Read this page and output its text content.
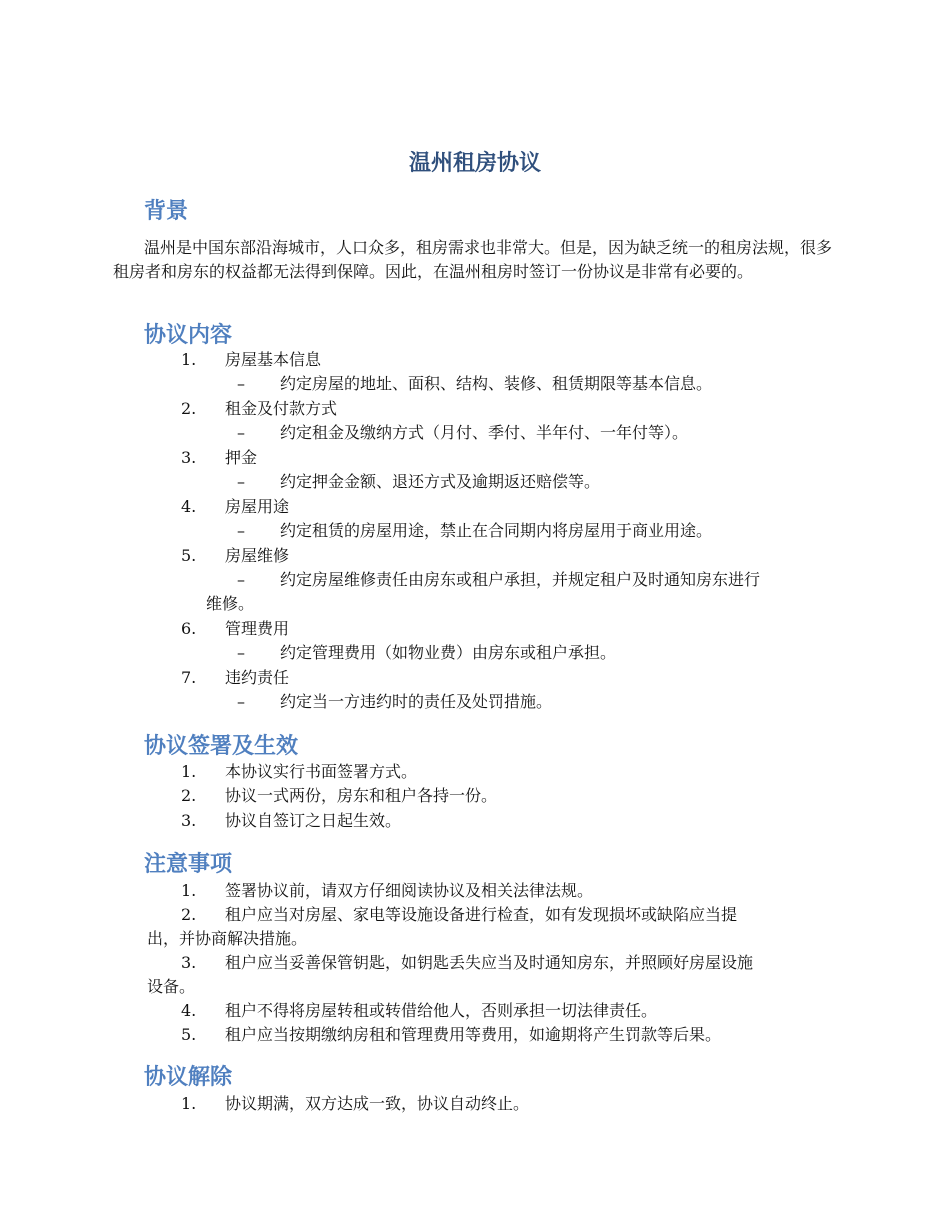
温州租房协议
背景
温州是中国东部沿海城市，人口众多，租房需求也非常大。但是，因为缺乏统一的租房法规，很多租房者和房东的权益都无法得到保障。因此，在温州租房时签订一份协议是非常有必要的。
协议内容
1. 房屋基本信息
– 约定房屋的地址、面积、结构、装修、租赁期限等基本信息。
2. 租金及付款方式
– 约定租金及缴纳方式（月付、季付、半年付、一年付等）。
3. 押金
– 约定押金金额、退还方式及逾期返还赔偿等。
4. 房屋用途
– 约定租赁的房屋用途，禁止在合同期内将房屋用于商业用途。
5. 房屋维修
– 约定房屋维修责任由房东或租户承担，并规定租户及时通知房东进行
维修。
6. 管理费用
– 约定管理费用（如物业费）由房东或租户承担。
7. 违约责任
– 约定当一方违约时的责任及处罚措施。
协议签署及生效
1. 本协议实行书面签署方式。
2. 协议一式两份，房东和租户各持一份。
3. 协议自签订之日起生效。
注意事项
1. 签署协议前，请双方仔细阅读协议及相关法律法规。
2. 租户应当对房屋、家电等设施设备进行检查，如有发现损坏或缺陷应当提
出，并协商解决措施。
3. 租户应当妥善保管钥匙，如钥匙丢失应当及时通知房东，并照顾好房屋设施
设备。
4. 租户不得将房屋转租或转借给他人，否则承担一切法律责任。
5. 租户应当按期缴纳房租和管理费用等费用，如逾期将产生罚款等后果。
协议解除
1. 协议期满，双方达成一致，协议自动终止。
